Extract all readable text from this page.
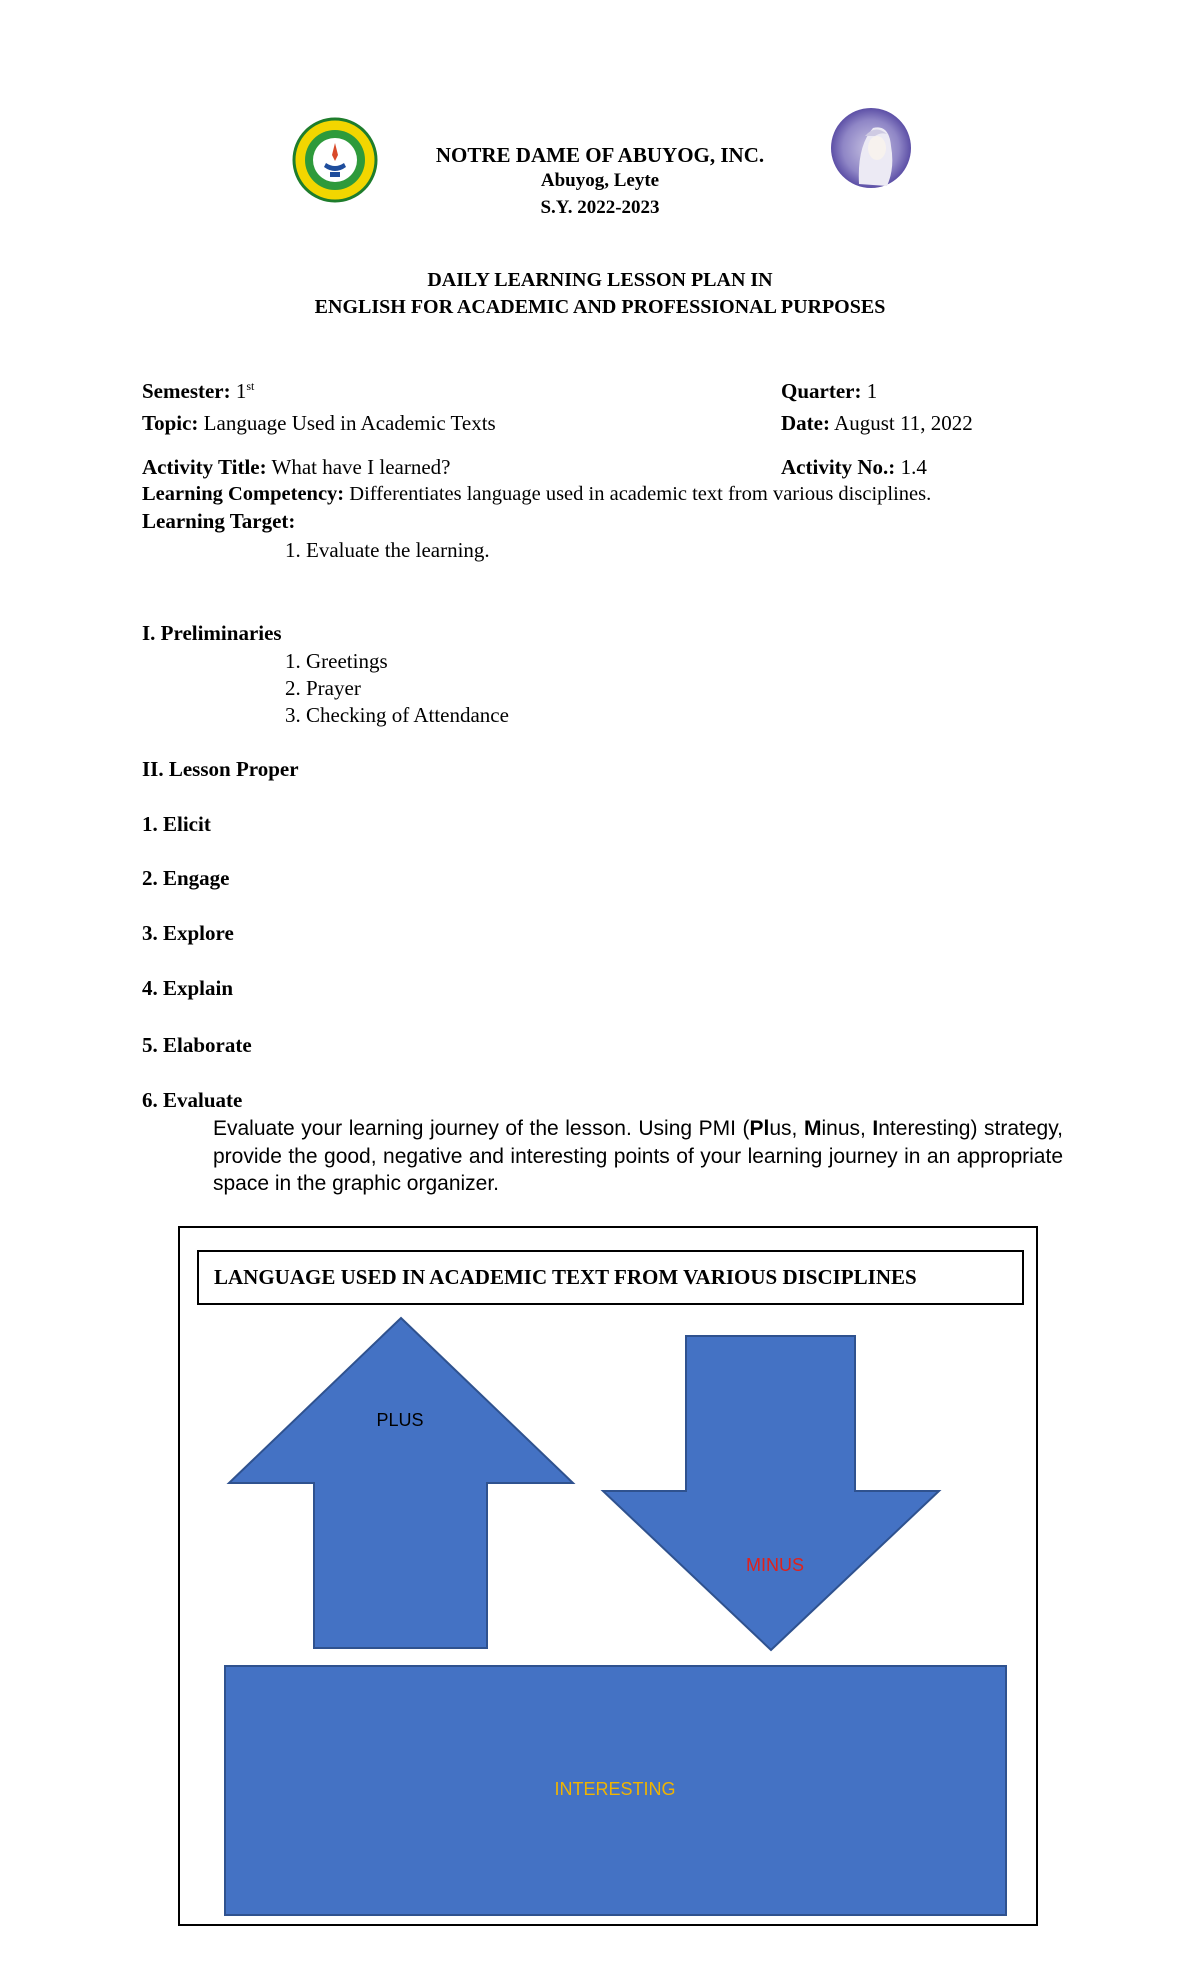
NOTRE DAME OF ABUYOG, INC.
Abuyog, Leyte
S.Y. 2022-2023
DAILY LEARNING LESSON PLAN IN
ENGLISH FOR ACADEMIC AND PROFESSIONAL PURPOSES
Semester: 1st	Quarter: 1
Topic: Language Used in Academic Texts	Date: August 11, 2022
Activity Title: What have I learned?	Activity No.: 1.4
Learning Competency: Differentiates language used in academic text from various disciplines.
Learning Target:
1. Evaluate the learning.
I. Preliminaries
1. Greetings
2. Prayer
3. Checking of Attendance
II. Lesson Proper
1. Elicit
2. Engage
3. Explore
4. Explain
5. Elaborate
6. Evaluate
Evaluate your learning journey of the lesson. Using PMI (Plus, Minus, Interesting) strategy, provide the good, negative and interesting points of your learning journey in an appropriate space in the graphic organizer.
LANGUAGE USED IN ACADEMIC TEXT FROM VARIOUS DISCIPLINES
PLUS
MINUS
INTERESTING
